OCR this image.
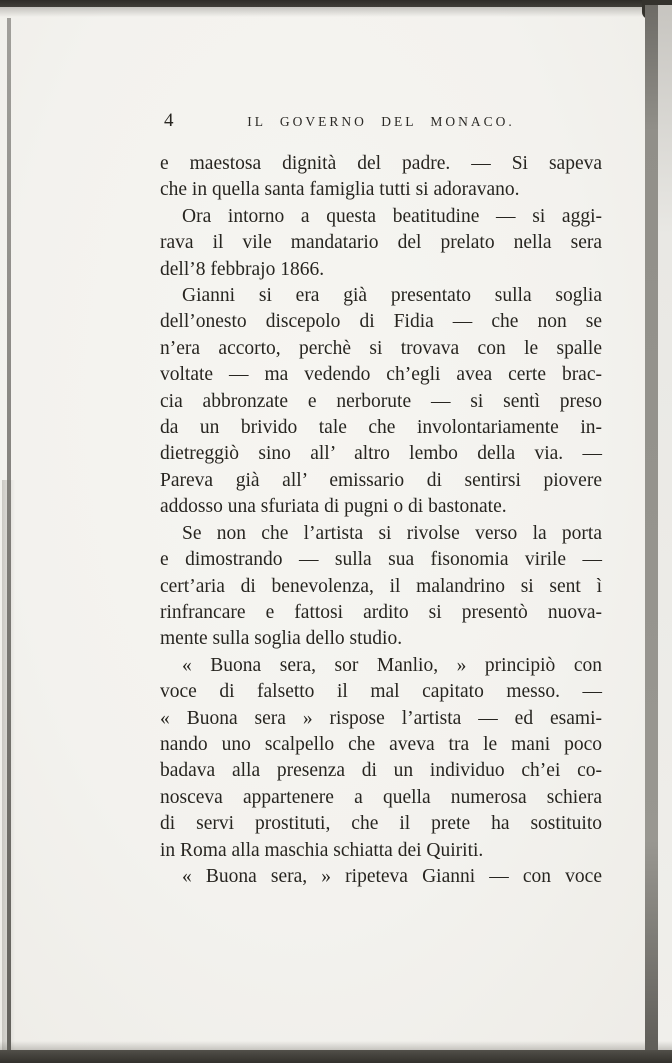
4	IL GOVERNO DEL MONACO.
e maestosa dignità del padre. — Si sapeva
che in quella santa famiglia tutti si adoravano.
Ora intorno a questa beatitudine — si aggi-
rava il vile mandatario del prelato nella sera
dell’8 febbrajo 1866.
Gianni si era già presentato sulla soglia
dell’onesto discepolo di Fidia — che non se
n’era accorto, perchè si trovava con le spalle
voltate — ma vedendo ch’egli avea certe brac-
cia abbronzate e nerborute — si sentì preso
da un brivido tale che involontariamente in-
dietreggiò sino all’ altro lembo della via. —
Pareva già all’ emissario di sentirsi piovere
addosso una sfuriata di pugni o di bastonate.
Se non che l’artista si rivolse verso la porta
e dimostrando — sulla sua fisonomia virile —
cert’aria di benevolenza, il malandrino si sent ì
rinfrancare e fattosi ardito si presentò nuova-
mente sulla soglia dello studio.
« Buona sera, sor Manlio, » principiò con
voce di falsetto il mal capitato messo. —
« Buona sera » rispose l’artista — ed esami-
nando uno scalpello che aveva tra le mani poco
badava alla presenza di un individuo ch’ei co-
nosceva appartenere a quella numerosa schiera
di servi prostituti, che il prete ha sostituito
in Roma alla maschia schiatta dei Quiriti.
« Buona sera, » ripeteva Gianni — con voce
